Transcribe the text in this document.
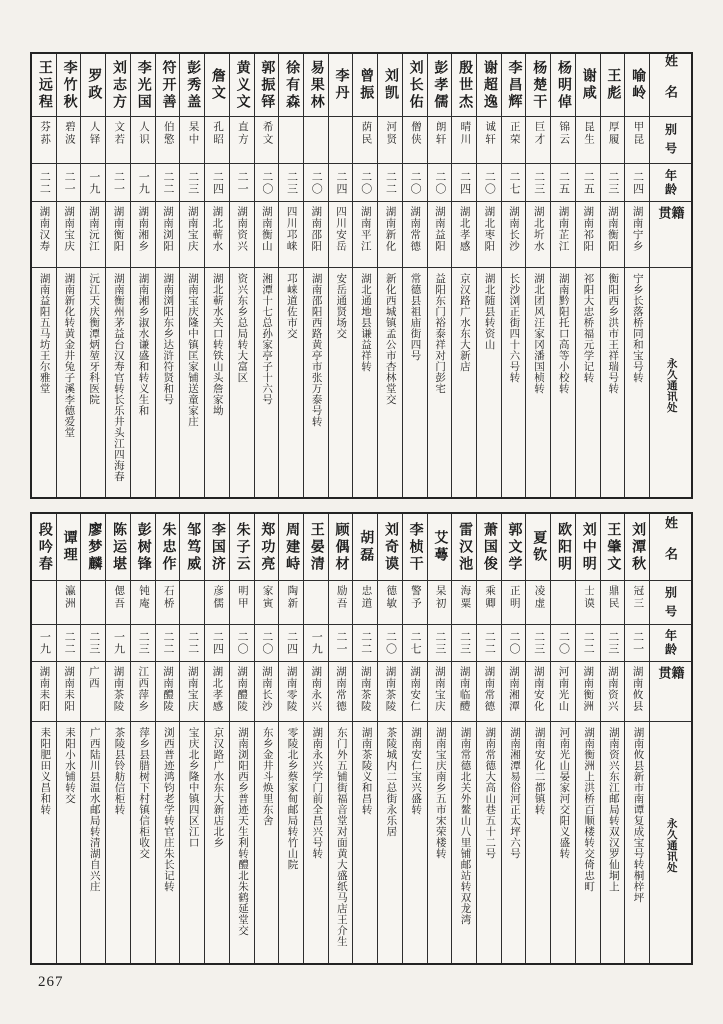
姓名
别号
年龄
籍贯
永久通讯处
喻岭
甲昆
二四
湖南宁乡
宁乡长落桥同和宝号转
王彪
厚履
二三
湖南衡阳
衡阳西乡洪市王祥瑞号转
谢咸
昆生
二五
湖南祁阳
祁阳大忠桥福元学记转
杨明倬
锦云
二五
湖南芷江
湖南黔阳托口高等小校转
杨楚干
巨才
二三
湖北圻水
湖北团风汪家冈潘国桢转
李昌辉
正荣
二七
湖南长沙
长沙浏正街四十六号转
谢超逸
诚轩
二〇
湖北枣阳
湖北随县转资山
殷世杰
晴川
二四
湖北孝感
京汉路广水东大新店
彭孝儒
朗轩
二〇
湖南益阳
益阳东门裕泰祥对门彭宅
刘长佑
僧侠
二〇
湖南常德
常德县祖庙街四号
刘凯
河贤
二二
湖南新化
新化西城镇孟公市杏林堂交
曾振
荫民
二〇
湖南平江
湖北通地县谦益祥转
李丹
二四
四川安岳
安岳通贤场交
易果林
二〇
湖南邵阳
湖南邵阳西路黄亭市张万泰号转
徐有森
二三
四川邛崃
邛崃道佐市交
郭振铎
希文
二〇
湖南衡山
湘潭十七总孙家亭子十六号
黄义文
直方
二一
湖南资兴
资兴东乡总局转大富区
詹文
孔昭
二四
湖北蕲水
湖北蕲水关口转铁山头詹家坳
彭秀盖
杲中
二三
湖南宝庆
湖南宝庆隆中镇匡家铺送童家庄
符开善
伯憼
二二
湖南浏阳
湖南浏阳东乡达浒符贤和号
李光国
人识
一九
湖南湘乡
湖南湘乡淑水谦盛和转义生和
刘志方
文若
二一
湖南衡阳
湖南衡州茅益台汉寿官转长乐井头江四海春
罗政
人铎
一九
湖南沅江
沅江天庆衡潭炳堃牙科医院
李竹秋
碧波
二一
湖南宝庆
湖南新化转黄金井兔子溪李德爱堂
王远程
芬荪
二二
湖南汉寿
湖南益阳五马坊王尔雅堂
姓名
别号
年龄
籍贯
永久通讯处
刘潭秋
冠三
二一
湖南攸县
湖南攸县新市南谭复成宝号转桐梓坪
王肇文
鼎民
二三
湖南资兴
湖南资兴东江邮局转双汉罗仙垌上
刘中明
士谟
二二
湖南衡洲
湖南衡洲上洪桥百顺楼转交倚忠町
欧阳明
二〇
河南光山
河南光山晏家河交阳义盛转
夏钦
凌虚
二三
湖南安化
湖南安化二都镇转
郭文学
正明
二〇
湖南湘潭
湖南湘潭易俗河正太坪六号
萧国俊
乘卿
二二
湖南常德
湖南常德大高山巷五十二号
雷汉池
海粟
二三
湖南临醴
湖南常德北关外鳌山八里铺邮站转双龙湾
艾蕚
杲初
二三
湖南宝庆
湖南宝庆南乡五市宋荣楼转
李桢干
警予
二七
湖南安仁
湖南安仁宝兴盛转
刘奇谟
德敏
二〇
湖南茶陵
茶陵城内二总街永乐居
胡磊
忠道
二二
湖南茶陵
湖南茶陵义和昌转
顾偶材
励吾
二一
湖南常德
东门外五铺街福音堂对面黄大盛纸马店王介生
王晏清
一九
湖南永兴
湖南永兴学门前全昌兴号转
周建峙
陶新
二四
湖南零陵
零陵北乡蔡家甸邮局转竹山院
郑功亮
家寅
二〇
湖南长沙
东乡金井斗焕里东舍
朱子云
明甲
二〇
湖南醴陵
湖南浏阳西乡普迹天生利转醴北朱鹤延堂交
李国济
彦儒
二四
湖北孝感
京汉路广水东大新店北乡
邹笃威
二二
湖南宝庆
宝庆北乡隆中镇四区江口
朱忠作
石桥
二二
湖南醴陵
浏西普迹鸿钧老学转官庄朱长记转
彭树锋
钝庵
二三
江西萍乡
萍乡县腊树下村镇信柜收交
陈运堪
偲吾
一九
湖南茶陵
茶陵县铃舫信柜转
廖梦麟
二三
广西
广西陆川县温水邮局转清湖自兴庄
谭理
瀛洲
二二
湖南耒阳
耒阳小水铺转交
段吟春
一九
湖南耒阳
耒阳肥田义昌和转
267
